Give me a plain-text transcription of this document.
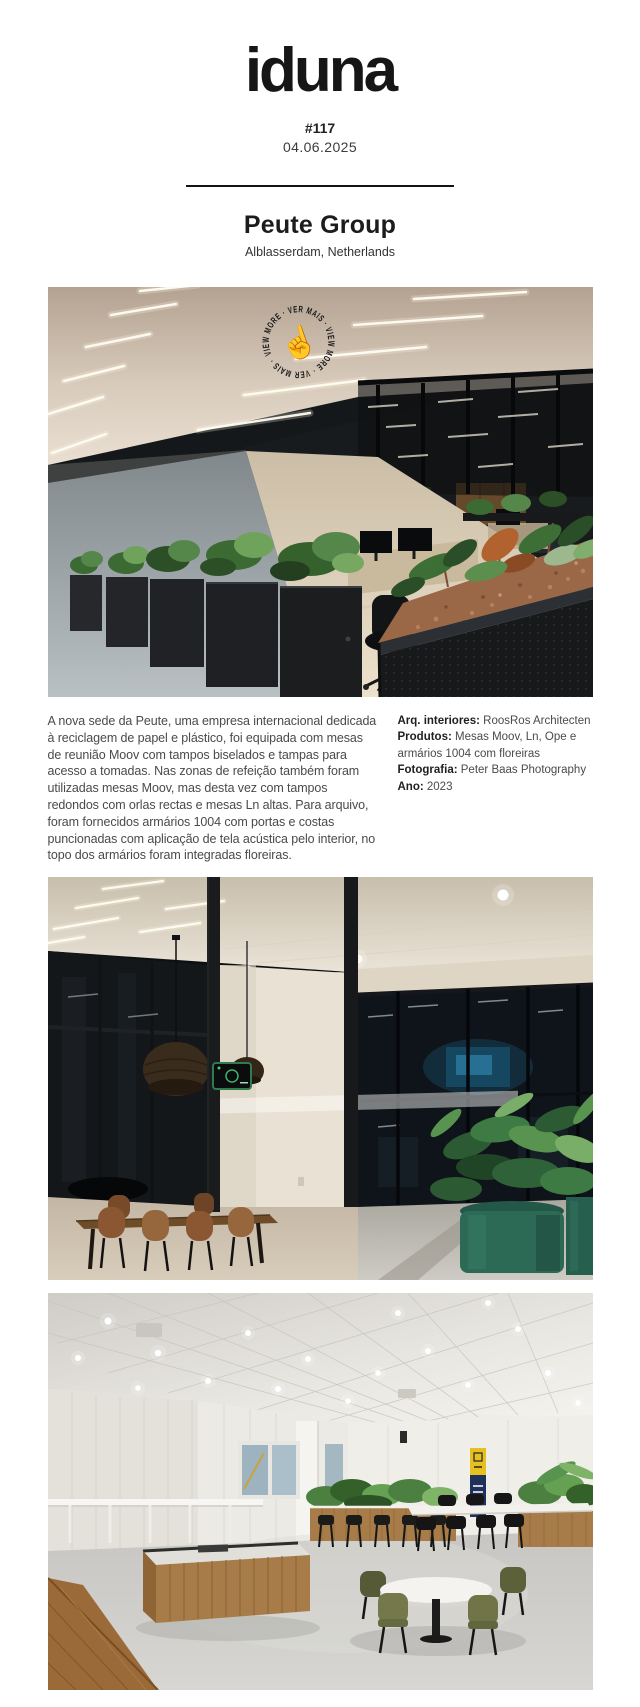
iduna
#117
04.06.2025
Peute Group
Alblasserdam, Netherlands
VIEW MORE · VER MAIS · VIEW MORE · VER MAIS ·
☝

A nova sede da Peute, uma empresa internacional dedicada à reciclagem de papel e plástico, foi equipada com mesas de reunião Moov com tampos biselados e tampas para acesso a tomadas. Nas zonas de refeição também foram utilizadas mesas Moov, mas desta vez com tampos redondos com orlas rectas e mesas Ln altas. Para arquivo, foram fornecidos armários 1004 com portas e costas puncionadas com aplicação de tela acústica pelo interior, no topo dos armários foram integradas floreiras.

Arq. interiores: RoosRos Architecten
Produtos: Mesas Moov, Ln, Ope e armários 1004 com floreiras
Fotografia: Peter Baas Photography
Ano: 2023
